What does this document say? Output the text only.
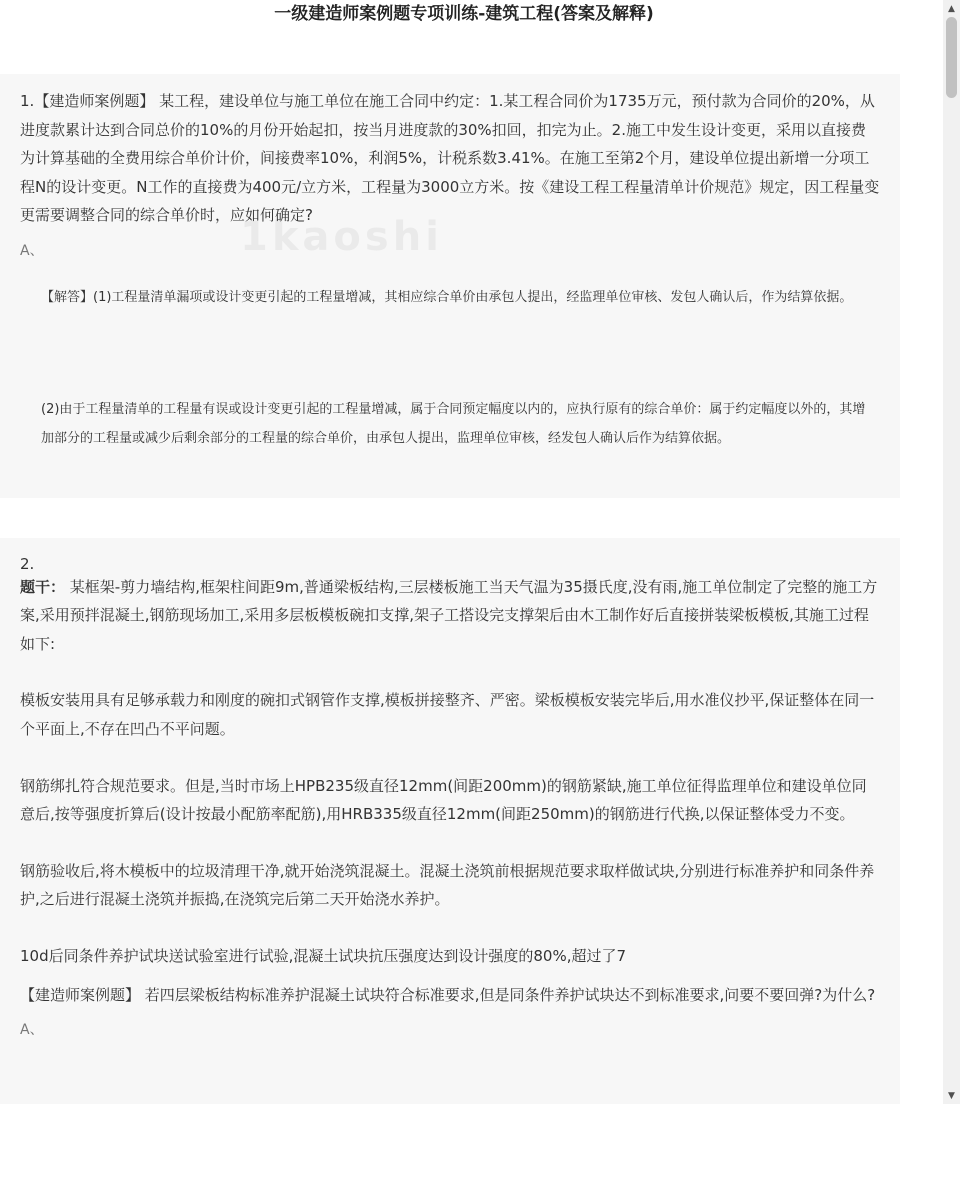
一级建造师案例题专项训练-建筑工程(答案及解释)
1kaoshi

1.【建造师案例题】 某工程，建设单位与施工单位在施工合同中约定：1.某工程合同价为1735万元，预付款为合同价的20%，从进度款累计达到合同总价的10%的月份开始起扣，按当月进度款的30%扣回，扣完为止。2.施工中发生设计变更，采用以直接费为计算基础的全费用综合单价计价，间接费率10%，利润5%，计税系数3.41%。在施工至第2个月，建设单位提出新增一分项工程N的设计变更。N工作的直接费为400元/立方米，工程量为3000立方米。按《建设工程工程量清单计价规范》规定，因工程量变更需要调整合同的综合单价时，应如何确定?

A、

【解答】(1)工程量清单漏项或设计变更引起的工程量增减，其相应综合单价由承包人提出，经监理单位审核、发包人确认后，作为结算依据。

(2)由于工程量清单的工程量有误或设计变更引起的工程量增减，属于合同预定幅度以内的，应执行原有的综合单价：属于约定幅度以外的，其增加部分的工程量或减少后剩余部分的工程量的综合单价，由承包人提出，监理单位审核，经发包人确认后作为结算依据。

2.

题干： 某框架-剪力墙结构,框架柱间距9m,普通梁板结构,三层楼板施工当天气温为35摄氏度,没有雨,施工单位制定了完整的施工方案,采用预拌混凝土,钢筋现场加工,采用多层板模板碗扣支撑,架子工搭设完支撑架后由木工制作好后直接拼装梁板模板,其施工过程如下:

模板安装用具有足够承载力和刚度的碗扣式钢管作支撑,模板拼接整齐、严密。梁板模板安装完毕后,用水准仪抄平,保证整体在同一个平面上,不存在凹凸不平问题。

钢筋绑扎符合规范要求。但是,当时市场上HPB235级直径12mm(间距200mm)的钢筋紧缺,施工单位征得监理单位和建设单位同意后,按等强度折算后(设计按最小配筋率配筋),用HRB335级直径12mm(间距250mm)的钢筋进行代换,以保证整体受力不变。

钢筋验收后,将木模板中的垃圾清理干净,就开始浇筑混凝土。混凝土浇筑前根据规范要求取样做试块,分别进行标准养护和同条件养护,之后进行混凝土浇筑并振捣,在浇筑完后第二天开始浇水养护。

10d后同条件养护试块送试验室进行试验,混凝土试块抗压强度达到设计强度的80%,超过了7

【建造师案例题】 若四层梁板结构标准养护混凝土试块符合标准要求,但是同条件养护试块达不到标准要求,问要不要回弹?为什么?

A、

▲
▼
